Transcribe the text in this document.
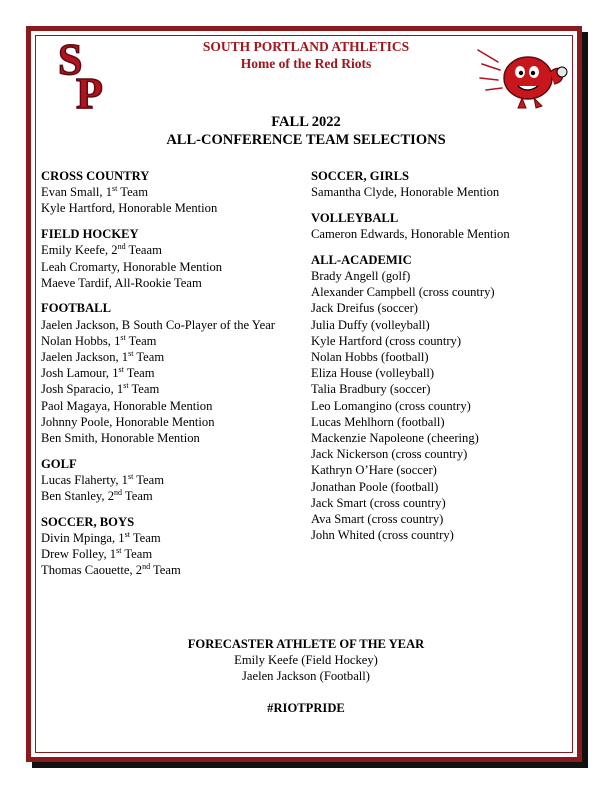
S
P
SOUTH PORTLAND ATHLETICS
Home of the Red Riots
FALL 2022
ALL-CONFERENCE TEAM SELECTIONS
CROSS COUNTRY
Evan Small, 1st Team
Kyle Hartford, Honorable Mention
FIELD HOCKEY
Emily Keefe, 2nd Teaam
Leah Cromarty, Honorable Mention
Maeve Tardif, All-Rookie Team
FOOTBALL
Jaelen Jackson, B South Co-Player of the Year
Nolan Hobbs, 1st Team
Jaelen Jackson, 1st Team
Josh Lamour, 1st Team
Josh Sparacio, 1st Team
Paol Magaya, Honorable Mention
Johnny Poole, Honorable Mention
Ben Smith, Honorable Mention
GOLF
Lucas Flaherty, 1st Team
Ben Stanley, 2nd Team
SOCCER, BOYS
Divin Mpinga, 1st Team
Drew Folley, 1st Team
Thomas Caouette, 2nd Team
SOCCER, GIRLS
Samantha Clyde, Honorable Mention
VOLLEYBALL
Cameron Edwards, Honorable Mention
ALL-ACADEMIC
Brady Angell (golf)
Alexander Campbell (cross country)
Jack Dreifus (soccer)
Julia Duffy (volleyball)
Kyle Hartford (cross country)
Nolan Hobbs (football)
Eliza House (volleyball)
Talia Bradbury (soccer)
Leo Lomangino (cross country)
Lucas Mehlhorn (football)
Mackenzie Napoleone (cheering)
Jack Nickerson (cross country)
Kathryn O’Hare (soccer)
Jonathan Poole (football)
Jack Smart (cross country)
Ava Smart (cross country)
John Whited (cross country)
FORECASTER ATHLETE OF THE YEAR
Emily Keefe (Field Hockey)
Jaelen Jackson (Football)
#RIOTPRIDE
